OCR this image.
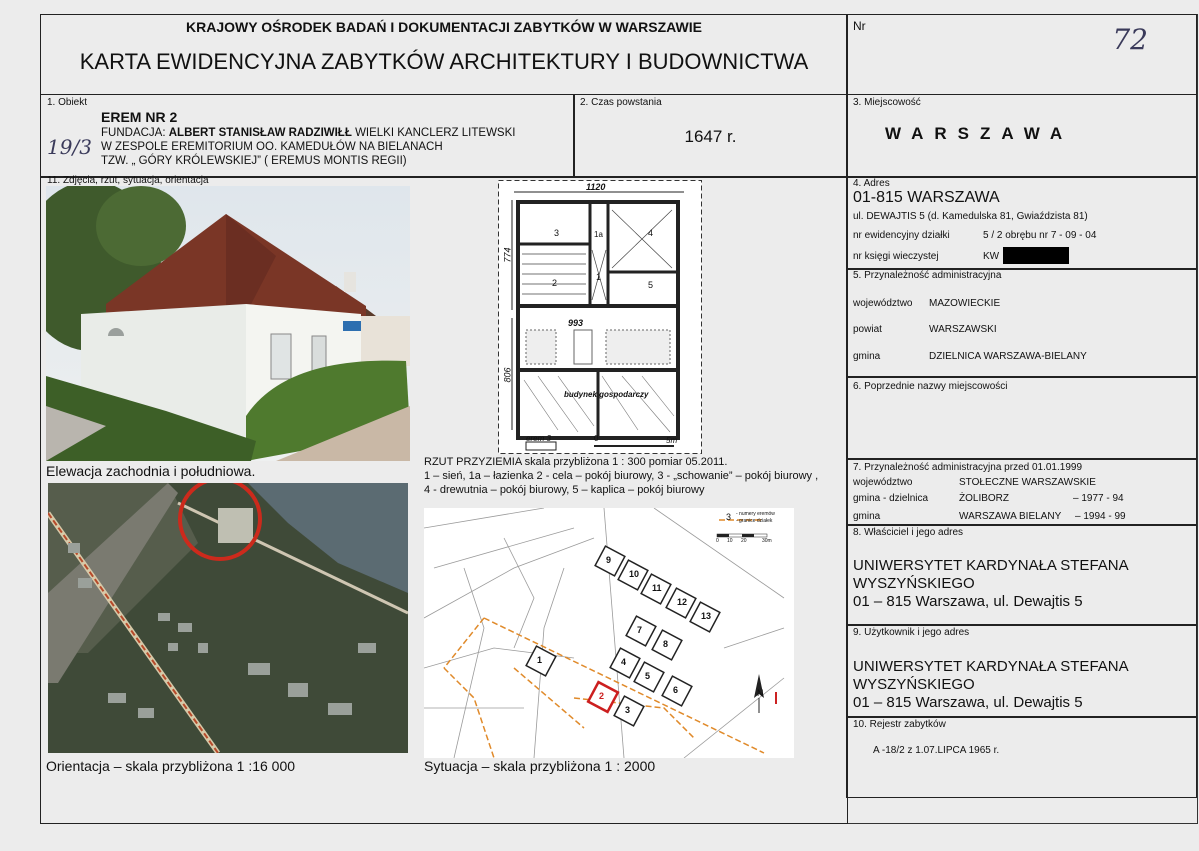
KRAJOWY OŚRODEK BADAŃ I DOKUMENTACJI ZABYTKÓW W WARSZAWIE
KARTA EWIDENCYJNA ZABYTKÓW ARCHITEKTURY I BUDOWNICTWA
Nr	72
1. Obiekt
EREM NR 2
FUNDACJA: ALBERT STANISŁAW RADZIWIŁŁ WIELKI KANCLERZ LITEWSKI
W ZESPOLE EREMITORIUM OO. KAMEDUŁÓW NA BIELANACH
TZW. „ GÓRY KRÓLEWSKIEJ” ( EREMUS MONTIS REGII)
19/3
2. Czas powstania
1647 r.
3. Miejscowość
WARSZAWA
11. Zdjęcia, rzut, sytuacja, orientacja
Elewacja zachodnia i południowa.
Orientacja – skala przybliżona 1 :16 000
1120
774
806
993
3
2
1a
1
4
5
budynek gospodarczy
erem 3	0	5m
RZUT PRZYZIEMIA skala przybliżona 1 : 300 pomiar 05.2011.
1 – sień, 1a – łazienka 2 - cela – pokój biurowy, 3 - „schowanie” – pokój biurowy ,
4 - drewutnia – pokój biurowy, 5 – kaplica – pokój biurowy
3 - numery eremów
- granice działek
0 10 20	30m
N
9
10
11
12
13
7
8
1	4
5
6
2
3
Sytuacja – skala przybliżona 1 : 2000
4. Adres
01-815 WARSZAWA
ul. DEWAJTIS 5 (d. Kamedulska 81, Gwiaździsta 81)
nr ewidencyjny działki	5 / 2 obrębu nr 7 - 09 - 04
nr księgi wieczystej	KW
5. Przynależność administracyjna
województwo MAZOWIECKIE
powiat	WARSZAWSKI
gmina	DZIELNICA WARSZAWA-BIELANY
6. Poprzednie nazwy miejscowości
7. Przynależność administracyjna przed 01.01.1999
województwo	STOŁECZNE WARSZAWSKIE
gmina - dzielnica	ŻOLIBORZ	– 1977 - 94
gmina	WARSZAWA BIELANY – 1994 - 99
8. Właściciel i jego adres
UNIWERSYTET KARDYNAŁA STEFANA
WYSZYŃSKIEGO
01 – 815 Warszawa, ul. Dewajtis 5
9. Użytkownik i jego adres
UNIWERSYTET KARDYNAŁA STEFANA
WYSZYŃSKIEGO
01 – 815 Warszawa, ul. Dewajtis 5
10. Rejestr zabytków
A -18/2 z 1.07.LIPCA 1965 r.
